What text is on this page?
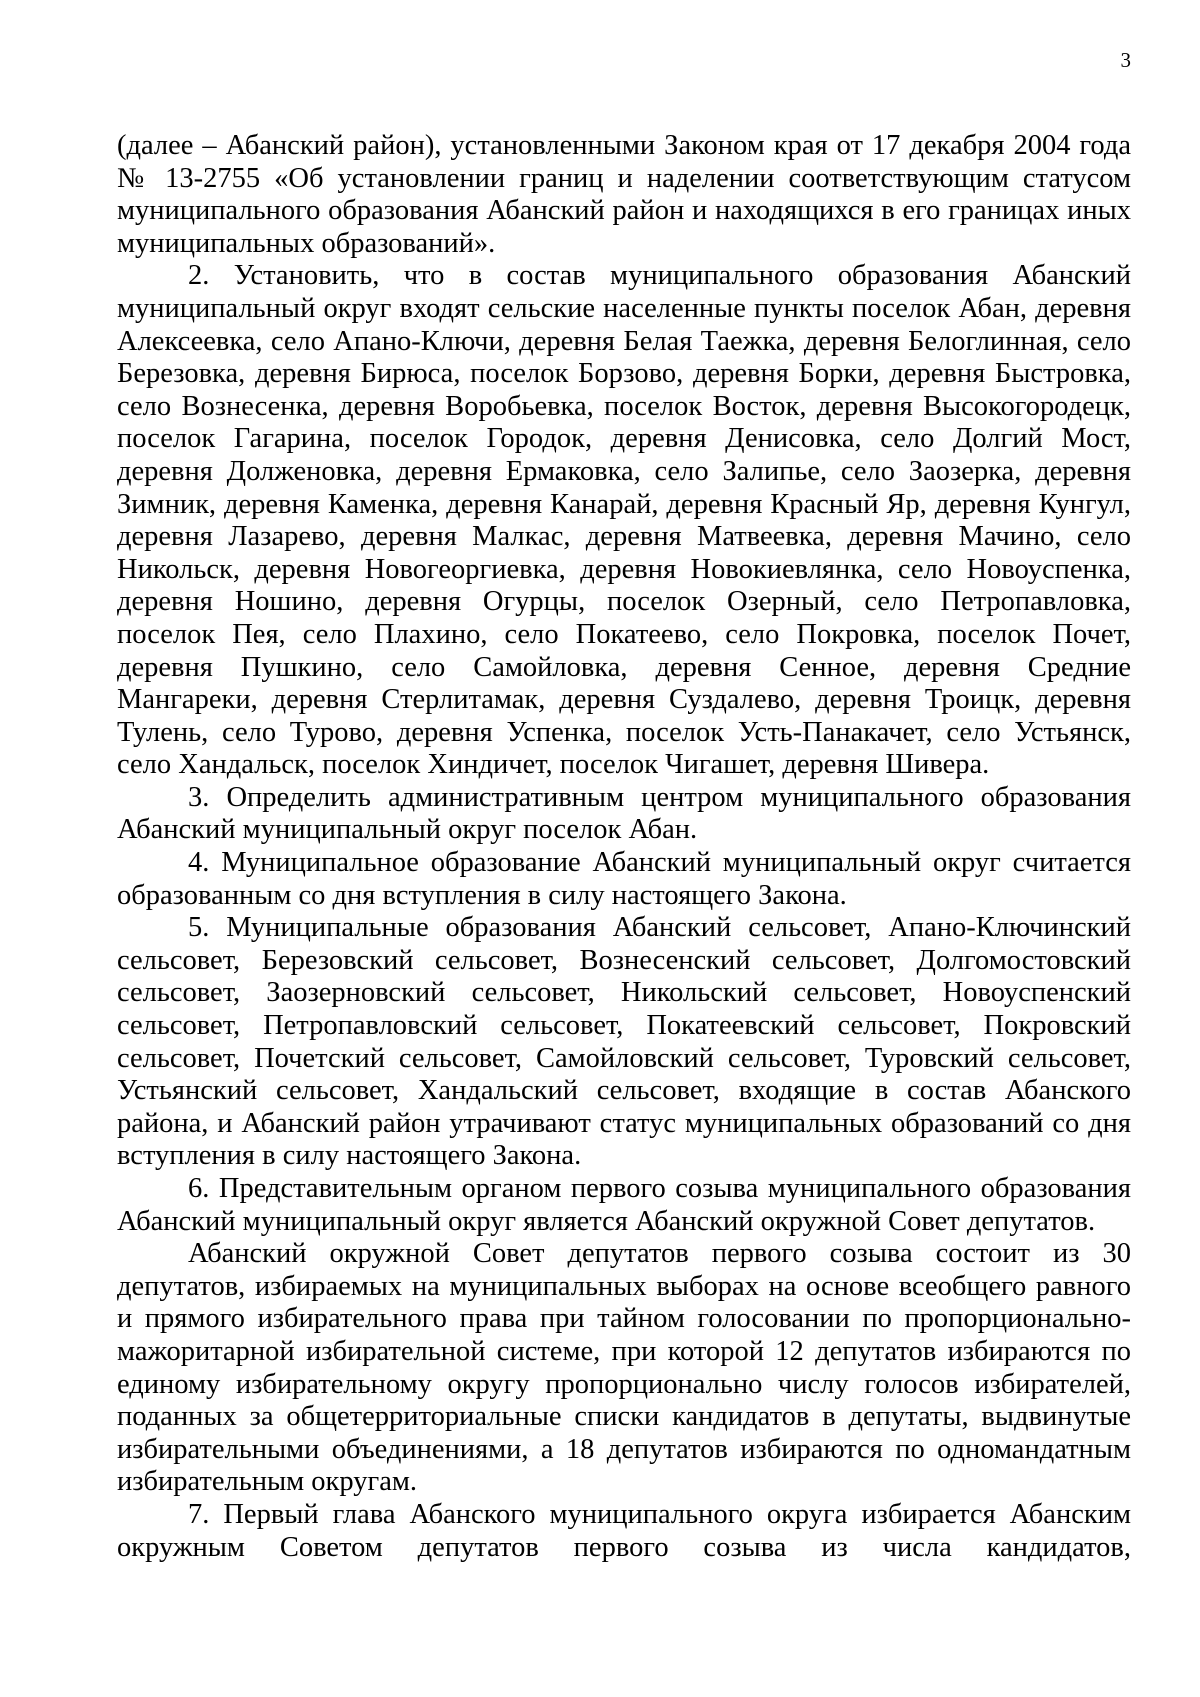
3

(далее – Абанский район), установленными Законом края от 17 декабря 2004 года № 13-2755 «Об установлении границ и наделении соответствующим статусом муниципального образования Абанский район и находящихся в его границах иных муниципальных образований».

2. Установить, что в состав муниципального образования Абанский муниципальный округ входят сельские населенные пункты поселок Абан, деревня Алексеевка, село Апано-Ключи, деревня Белая Таежка, деревня Белоглинная, село Березовка, деревня Бирюса, поселок Борзово, деревня Борки, деревня Быстровка, село Вознесенка, деревня Воробьевка, поселок Восток, деревня Высокогородецк, поселок Гагарина, поселок Городок, деревня Денисовка, село Долгий Мост, деревня Долженовка, деревня Ермаковка, село Залипье, село Заозерка, деревня Зимник, деревня Каменка, деревня Канарай, деревня Красный Яр, деревня Кунгул, деревня Лазарево, деревня Малкас, деревня Матвеевка, деревня Мачино, село Никольск, деревня Новогеоргиевка, деревня Новокиевлянка, село Новоуспенка, деревня Ношино, деревня Огурцы, поселок Озерный, село Петропавловка, поселок Пея, село Плахино, село Покатеево, село Покровка, поселок Почет, деревня Пушкино, село Самойловка, деревня Сенное, деревня Средние Мангареки, деревня Стерлитамак, деревня Суздалево, деревня Троицк, деревня Тулень, село Турово, деревня Успенка, поселок Усть-Панакачет, село Устьянск, село Хандальск, поселок Хиндичет, поселок Чигашет, деревня Шивера.

3. Определить административным центром муниципального образования Абанский муниципальный округ поселок Абан.

4. Муниципальное образование Абанский муниципальный округ считается образованным со дня вступления в силу настоящего Закона.

5. Муниципальные образования Абанский сельсовет, Апано-Ключинский сельсовет, Березовский сельсовет, Вознесенский сельсовет, Долгомостовский сельсовет, Заозерновский сельсовет, Никольский сельсовет, Новоуспенский сельсовет, Петропавловский сельсовет, Покатеевский сельсовет, Покровский сельсовет, Почетский сельсовет, Самойловский сельсовет, Туровский сельсовет, Устьянский сельсовет, Хандальский сельсовет, входящие в состав Абанского района, и Абанский район утрачивают статус муниципальных образований со дня вступления в силу настоящего Закона.

6. Представительным органом первого созыва муниципального образования Абанский муниципальный округ является Абанский окружной Совет депутатов.

Абанский окружной Совет депутатов первого созыва состоит из 30 депутатов, избираемых на муниципальных выборах на основе всеобщего равного и прямого избирательного права при тайном голосовании по пропорционально-мажоритарной избирательной системе, при которой 12 депутатов избираются по единому избирательному округу пропорционально числу голосов избирателей, поданных за общетерриториальные списки кандидатов в депутаты, выдвинутые избирательными объединениями, а 18 депутатов избираются по одномандатным избирательным округам.

7. Первый глава Абанского муниципального округа избирается Абанским окружным Советом депутатов первого созыва из числа кандидатов,
